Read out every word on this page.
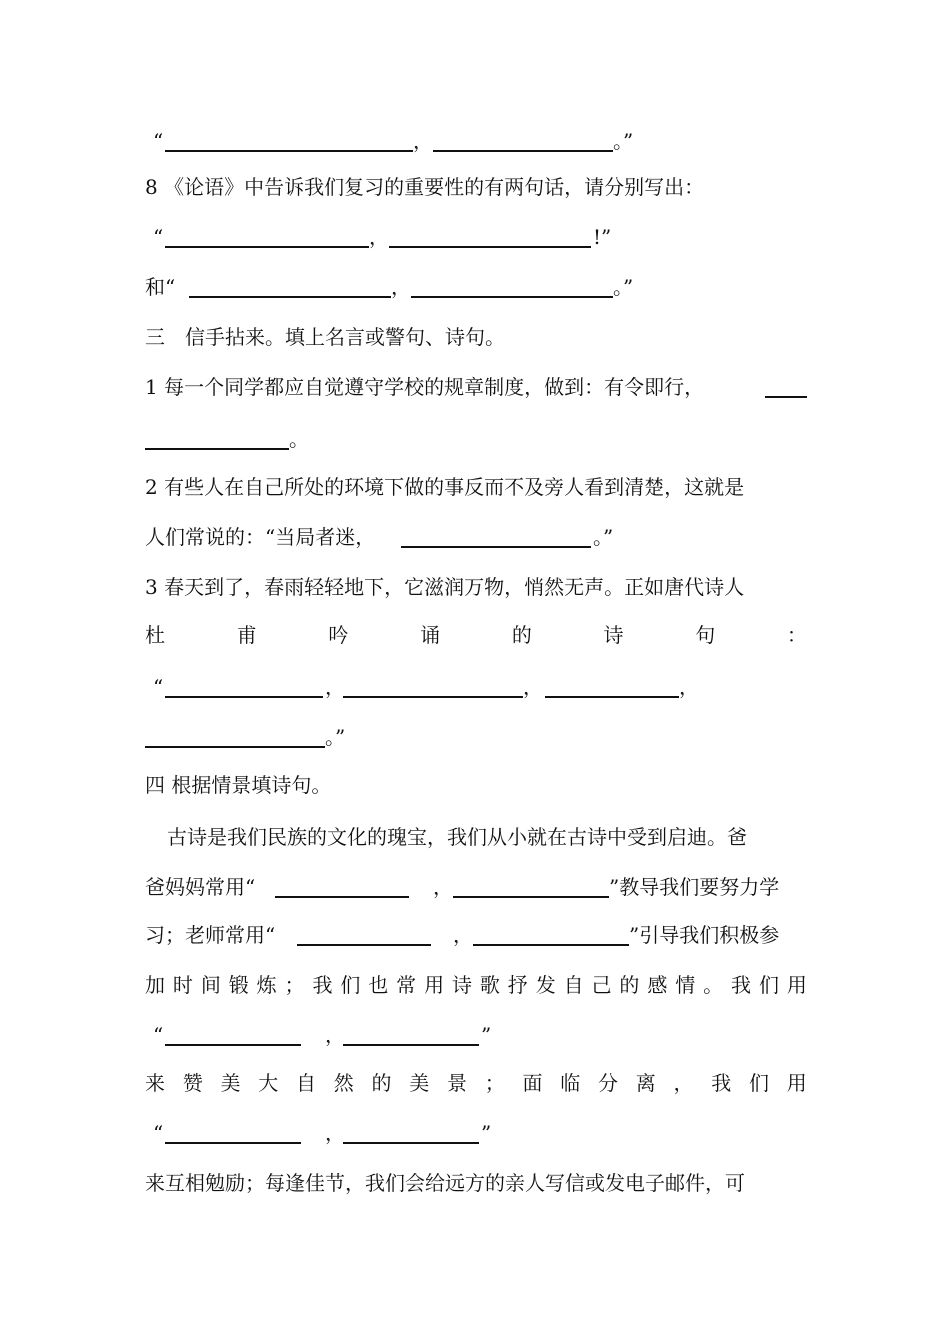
“	，	。”
8 《论语》中告诉我们复习的重要性的有两句话，请分别写出：
“	，	!”
和“	，	。”
三　信手拈来。填上名言或警句、诗句。
1 每一个同学都应自觉遵守学校的规章制度，做到：有令即行，
。
2 有些人在自己所处的环境下做的事反而不及旁人看到清楚，这就是
人们常说的：“当局者迷，	。”
3 春天到了，春雨轻轻地下，它滋润万物，悄然无声。正如唐代诗人
杜	甫	吟	诵	的	诗	句	：
“	，	，	，
。”
四 根据情景填诗句。
古诗是我们民族的文化的瑰宝，我们从小就在古诗中受到启迪。爸
爸妈妈常用“	，	”教导我们要努力学
习；老师常用“	，	”引导我们积极参
加 时 间 锻 炼 ； 我 们 也 常 用 诗 歌 抒 发 自 己 的 感 情 。 我 们 用
“	，	”
来 赞 美 大 自 然 的 美 景 ； 面 临 分 离 ， 我 们 用
“	，	”
来互相勉励；每逢佳节，我们会给远方的亲人写信或发电子邮件，可
